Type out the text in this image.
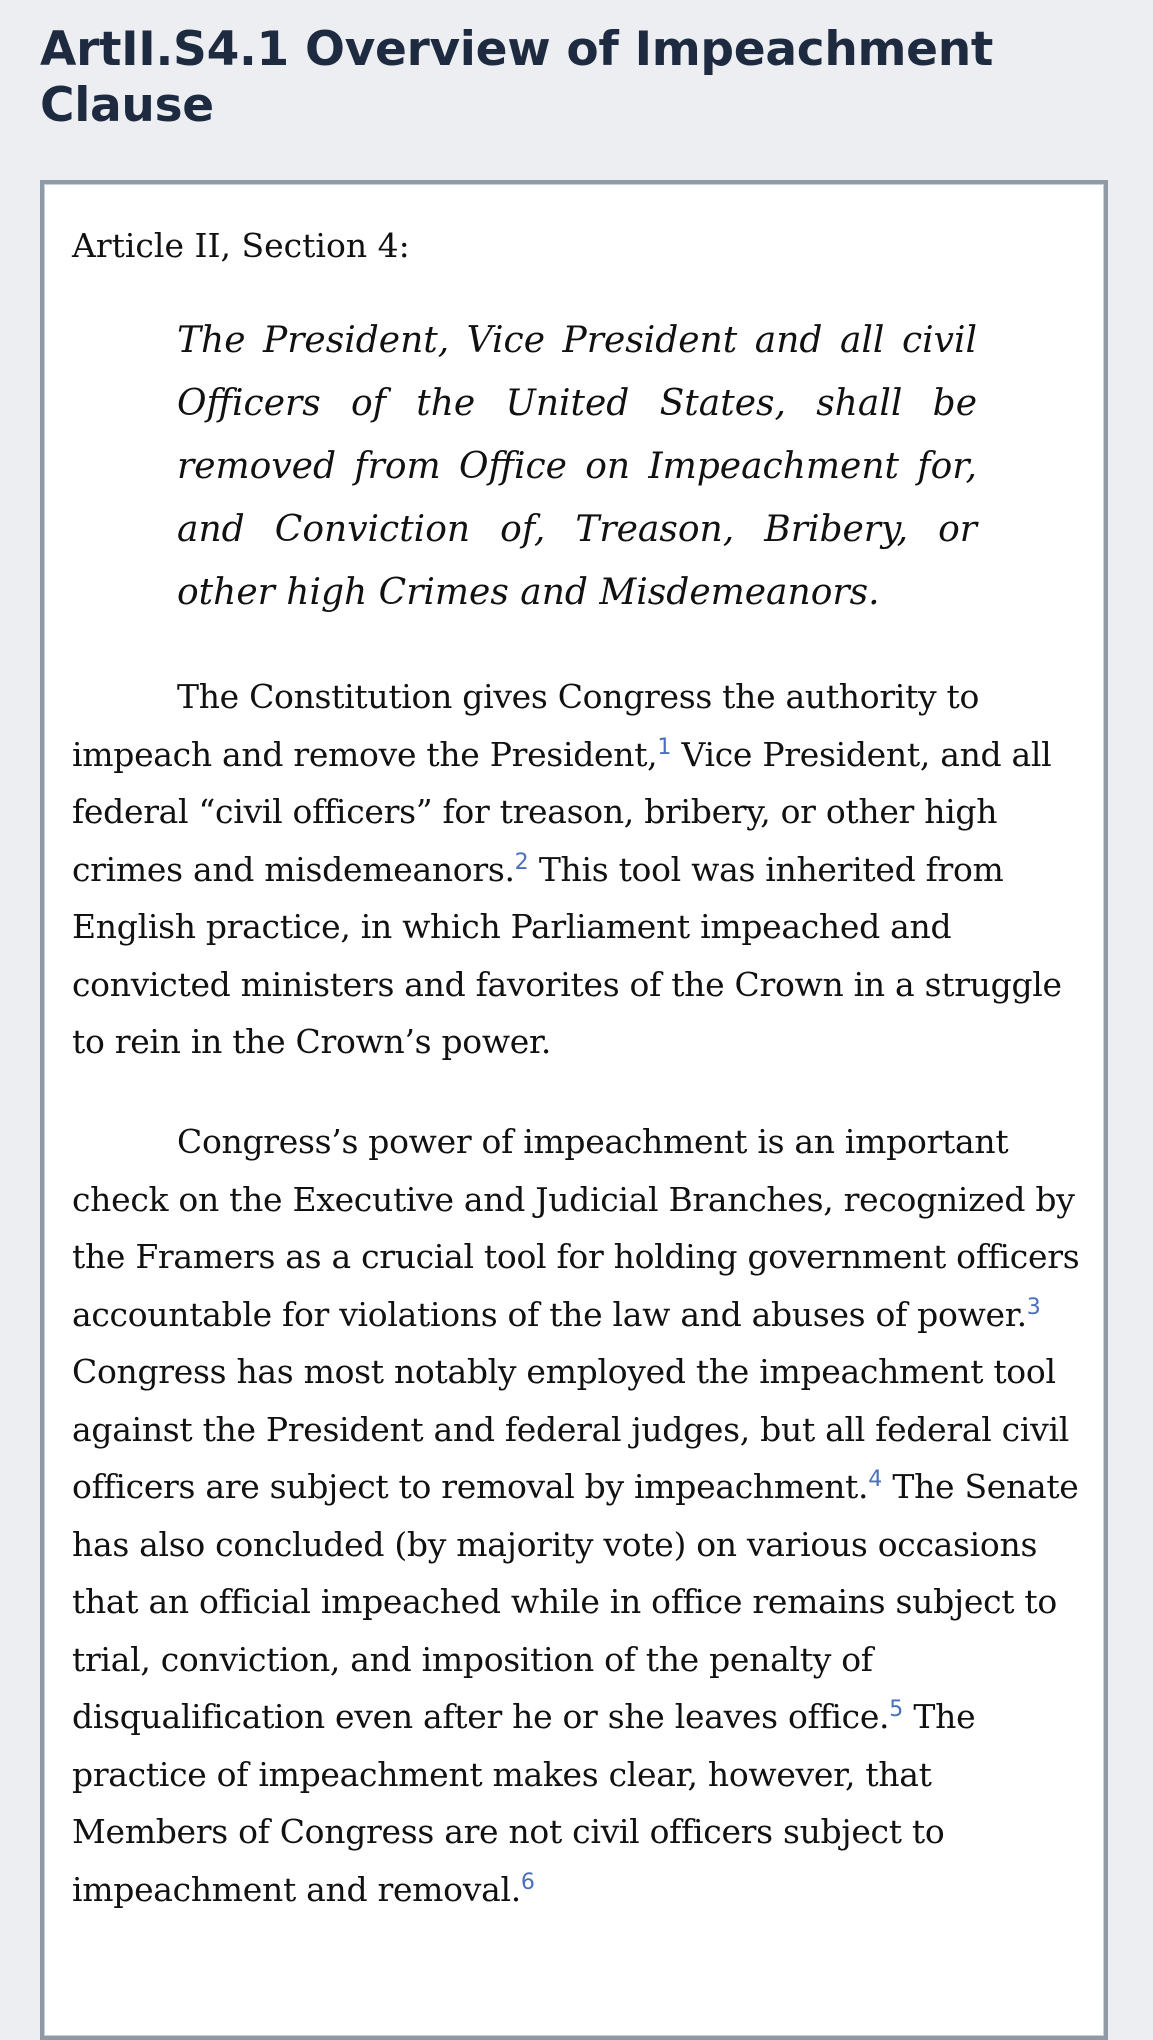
ArtII.S4.1 Overview of Impeachment Clause

Article II, Section 4:

The President, Vice President and all civil Officers of the United States, shall be removed from Office on Impeachment for, and Conviction of, Treason, Bribery, or other high Crimes and Misdemeanors.

The Constitution gives Congress the authority to impeach and remove the President,$^1$ Vice President, and all federal “civil officers” for treason, bribery, or other high crimes and misdemeanors.$^2$ This tool was inherited from English practice, in which Parliament impeached and convicted ministers and favorites of the Crown in a struggle to rein in the Crown’s power.

Congress’s power of impeachment is an important check on the Executive and Judicial Branches, recognized by the Framers as a crucial tool for holding government officers accountable for violations of the law and abuses of power.$^3$ Congress has most notably employed the impeachment tool against the President and federal judges, but all federal civil officers are subject to removal by impeachment.$^4$ The Senate has also concluded (by majority vote) on various occasions that an official impeached while in office remains subject to trial, conviction, and imposition of the penalty of disqualification even after he or she leaves office.$^5$ The practice of impeachment makes clear, however, that Members of Congress are not civil officers subject to impeachment and removal.$^6$
